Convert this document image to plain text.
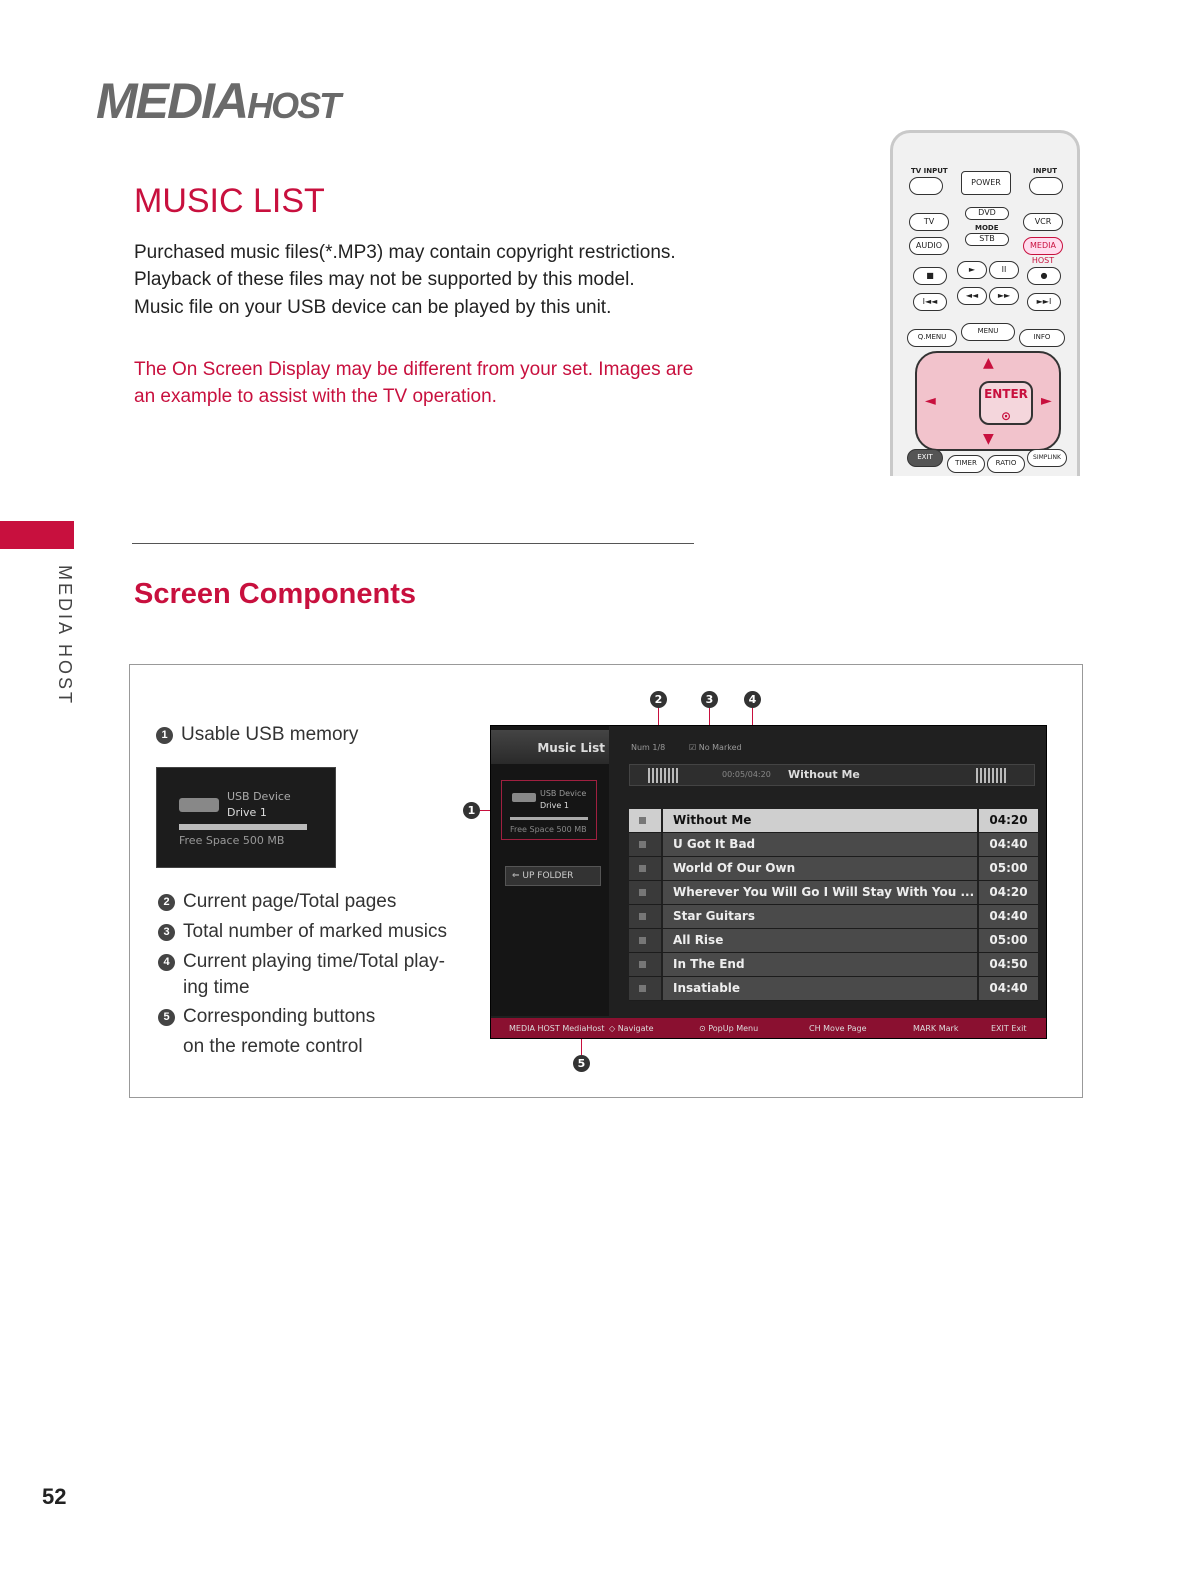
MEDIAHOST
MUSIC LIST
Purchased music files(*.MP3) may contain copyright restrictions.
Playback of these files may not be supported by this model.
Music file on your USB device can be played by this unit.
The On Screen Display may be different from your set. Images are an example to assist with the TV operation.
TV INPUT
POWER
INPUT
TV
DVD
MODE
VCR
AUDIO
STB
MEDIA HOST
■
►	II
●
I◄◄
◄◄	►►
►►I
Q.MENU
MENU
INFO
▲
▼
◄	►
ENTER
⊙
EXIT
TIMER	RATIO
SIMPLINK
MEDIA HOST Screen Components
1 Usable USB memory
USB Device
Drive 1
Free Space 500 MB
2 Current page/Total pages
3 Total number of marked musics
4 Current playing time/Total play-
ing time
5 Corresponding buttons
on the remote control
2	3	4
1
5
Music List
USB Device
Drive 1
Free Space 500 MB
⇐ UP FOLDER
Num 1/8	☑ No Marked
00:05/04:20 Without Me
Without Me	04:20
U Got It Bad	04:40
World Of Our Own	05:00
Wherever You Will Go I Will Stay With You ...	04:20
Star Guitars	04:40
All Rise	05:00
In The End	04:50
Insatiable	04:40
MEDIA HOST MediaHost ◇ Navigate	⊙ PopUp Menu	CH Move Page	MARK Mark	EXIT Exit
52
